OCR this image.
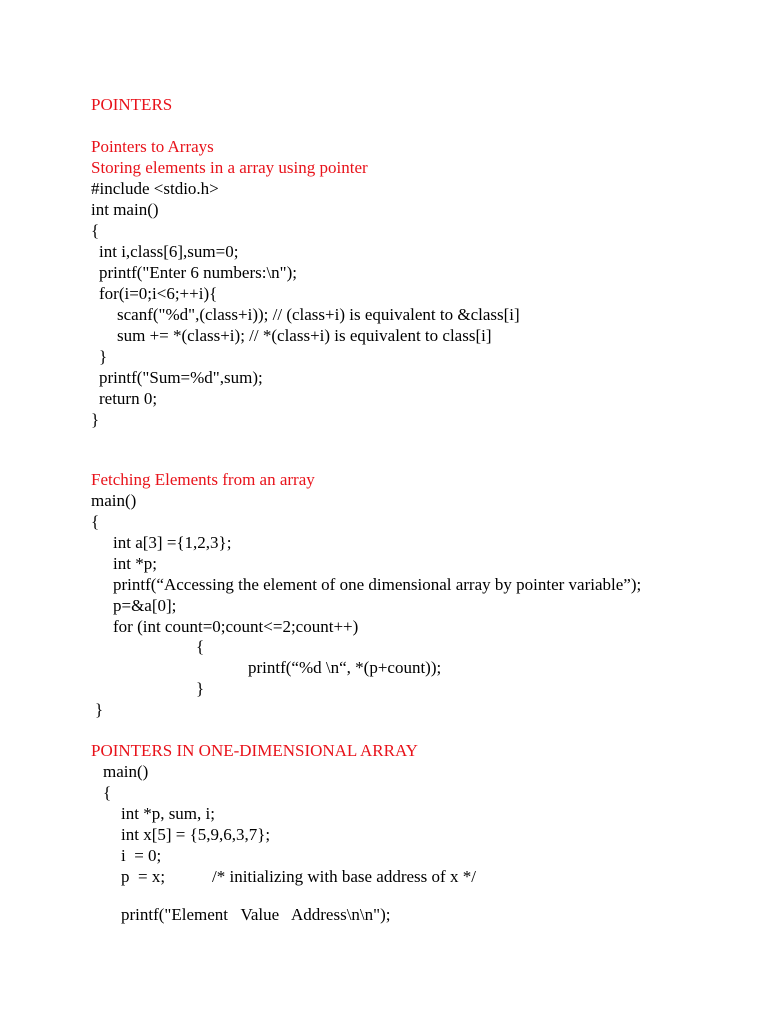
POINTERS

Pointers to Arrays

Storing elements in a array using pointer

#include <stdio.h>

int main()

{

int i,class[6],sum=0;

printf("Enter 6 numbers:\n");

for(i=0;i<6;++i){

scanf("%d",(class+i)); // (class+i) is equivalent to &class[i]

sum += *(class+i); // *(class+i) is equivalent to class[i]

}

printf("Sum=%d",sum);

return 0;

}

Fetching Elements from an array

main()

{

int a[3] ={1,2,3};

int *p;

printf(“Accessing the element of one dimensional array by pointer variable”);

p=&a[0];

for (int count=0;count<=2;count++)

{

printf(“%d \n“, *(p+count));

}

}

POINTERS IN ONE-DIMENSIONAL ARRAY

main()

{

int *p, sum, i;

int x[5] = {5,9,6,3,7};

i  = 0;

p  = x;	/* initializing with base address of x */

printf("Element   Value   Address\n\n");
